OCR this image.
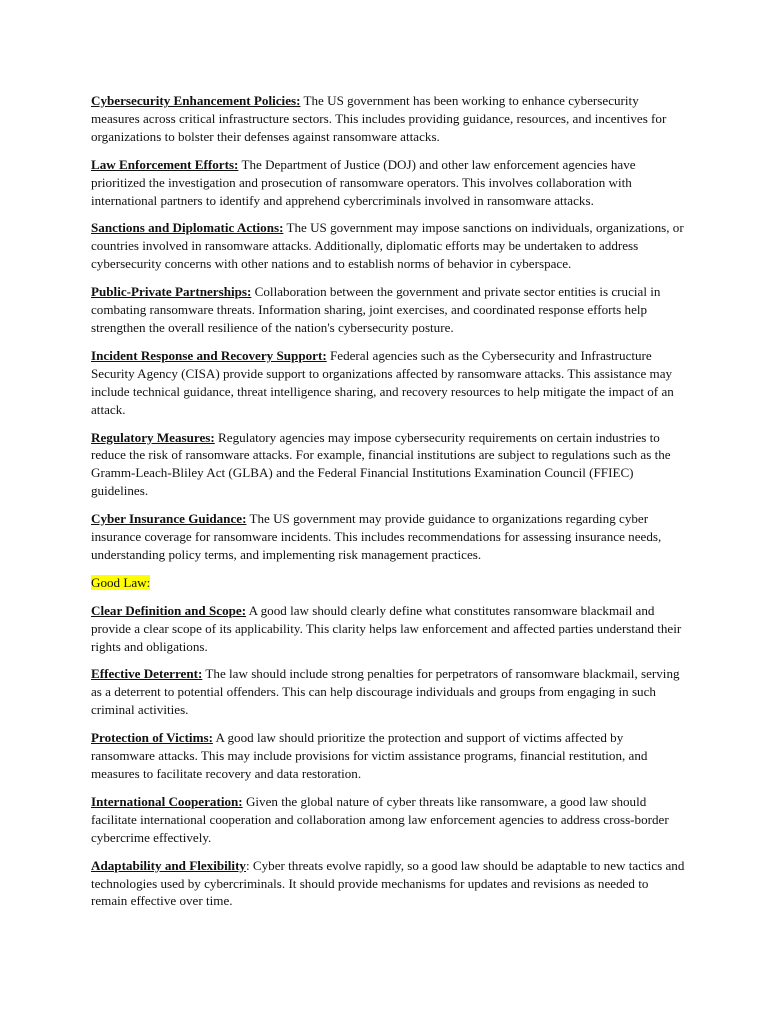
Cybersecurity Enhancement Policies: The US government has been working to enhance cybersecurity measures across critical infrastructure sectors. This includes providing guidance, resources, and incentives for organizations to bolster their defenses against ransomware attacks.

Law Enforcement Efforts: The Department of Justice (DOJ) and other law enforcement agencies have prioritized the investigation and prosecution of ransomware operators. This involves collaboration with international partners to identify and apprehend cybercriminals involved in ransomware attacks.

Sanctions and Diplomatic Actions: The US government may impose sanctions on individuals, organizations, or countries involved in ransomware attacks. Additionally, diplomatic efforts may be undertaken to address cybersecurity concerns with other nations and to establish norms of behavior in cyberspace.

Public-Private Partnerships: Collaboration between the government and private sector entities is crucial in combating ransomware threats. Information sharing, joint exercises, and coordinated response efforts help strengthen the overall resilience of the nation's cybersecurity posture.

Incident Response and Recovery Support: Federal agencies such as the Cybersecurity and Infrastructure Security Agency (CISA) provide support to organizations affected by ransomware attacks. This assistance may include technical guidance, threat intelligence sharing, and recovery resources to help mitigate the impact of an attack.

Regulatory Measures: Regulatory agencies may impose cybersecurity requirements on certain industries to reduce the risk of ransomware attacks. For example, financial institutions are subject to regulations such as the Gramm-Leach-Bliley Act (GLBA) and the Federal Financial Institutions Examination Council (FFIEC) guidelines.

Cyber Insurance Guidance: The US government may provide guidance to organizations regarding cyber insurance coverage for ransomware incidents. This includes recommendations for assessing insurance needs, understanding policy terms, and implementing risk management practices.

Good Law:

Clear Definition and Scope: A good law should clearly define what constitutes ransomware blackmail and provide a clear scope of its applicability. This clarity helps law enforcement and affected parties understand their rights and obligations.

Effective Deterrent: The law should include strong penalties for perpetrators of ransomware blackmail, serving as a deterrent to potential offenders. This can help discourage individuals and groups from engaging in such criminal activities.

Protection of Victims: A good law should prioritize the protection and support of victims affected by ransomware attacks. This may include provisions for victim assistance programs, financial restitution, and measures to facilitate recovery and data restoration.

International Cooperation: Given the global nature of cyber threats like ransomware, a good law should facilitate international cooperation and collaboration among law enforcement agencies to address cross-border cybercrime effectively.

Adaptability and Flexibility: Cyber threats evolve rapidly, so a good law should be adaptable to new tactics and technologies used by cybercriminals. It should provide mechanisms for updates and revisions as needed to remain effective over time.
